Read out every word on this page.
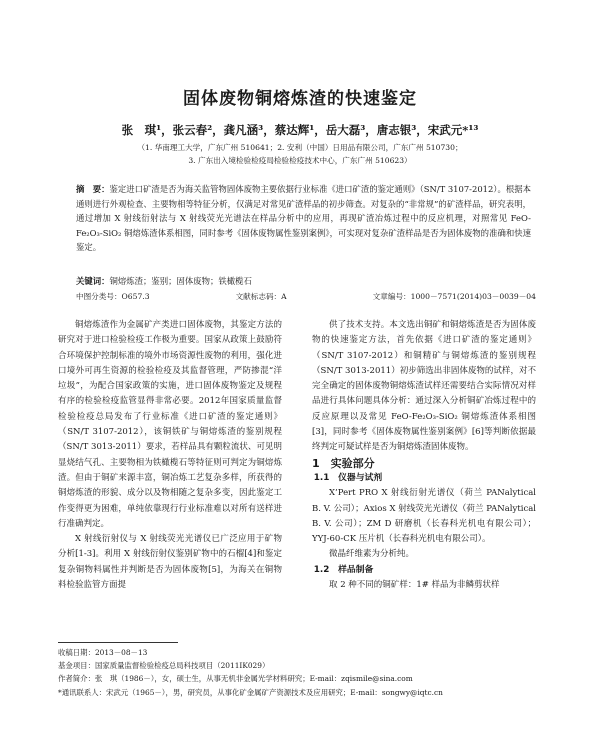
固体废物铜熔炼渣的快速鉴定
张　琪¹，张云春²，龚凡涵³，蔡达辉¹，岳大磊³，唐志银³，宋武元*¹³
（1. 华南理工大学，广东广州 510641；2. 安利（中国）日用品有限公司，广东广州 510730；
3. 广东出入境检验检疫局检验检疫技术中心，广东广州 510623）
摘　要：鉴定进口矿渣是否为海关监管物固体废物主要依据行业标准《进口矿渣的鉴定通则》（SN/T 3107-2012）。根据本通则进行外观检查、主要物相等特征分析，仅满足对常见矿渣样品的初步筛查。对复杂的“非常规”的矿渣样品，研究表明，通过增加 X 射线衍射法与 X 射线荧光光谱法在样品分析中的应用，再现矿渣冶炼过程中的反应机理，对照常见 FeO-Fe₂O₃-SiO₂ 铜熔炼渣体系相图，同时参考《固体废物属性鉴别案例》，可实现对复杂矿渣样品是否为固体废物的准确和快速鉴定。
关键词：铜熔炼渣；鉴别；固体废物；铁橄榄石
中图分类号：O657.3	文献标志码：A	文章编号：1000－7571(2014)03－0039－04

铜熔炼渣作为金属矿产类进口固体废物，其鉴定方法的研究对于进口检验检疫工作极为重要。国家从政策上鼓励符合环境保护控制标准的境外市场资源性废物的利用，强化进口境外可再生资源的检验检疫及其监督管理，严防掺混“洋垃圾”，为配合国家政策的实施，进口固体废物鉴定及规程有序的检验检疫监管显得非常必要。2012年国家质量监督检验检疫总局发布了行业标准《进口矿渣的鉴定通则》（SN/T 3107-2012），该铜铁矿与铜熔炼渣的鉴别规程（SN/T 3013-2011）要求，若样品具有颗粒流状、可见明显烧结气孔、主要物相为铁橄榄石等特征则可判定为铜熔炼渣。但由于铜矿来源丰富，铜冶炼工艺复杂多样，所获得的铜熔炼渣的形貌、成分以及物相随之复杂多变，因此鉴定工作变得更为困难，单纯依靠现行行业标准难以对所有送样进行准确判定。

X 射线衍射仪与 X 射线荧光光谱仪已广泛应用于矿物分析[1-3]。利用 X 射线衍射仪鉴别矿物中的石榴[4]和鉴定复杂铜物料属性并判断是否为固体废物[5]，为海关在铜物料检验监管方面提

供了技术支持。本文选出铜矿和铜熔炼渣是否为固体废物的快速鉴定方法，首先依据《进口矿渣的鉴定通则》（SN/T 3107-2012）和铜精矿与铜熔炼渣的鉴别规程（SN/T 3013-2011）初步筛选出非固体废物的试样，对不完全确定的固体废物铜熔炼渣试样还需要结合实际情况对样品进行具体问题具体分析：通过深入分析铜矿冶炼过程中的反应原理以及常见 FeO-Fe₂O₃-SiO₂ 铜熔炼渣体系相图[3]，同时参考《固体废物属性鉴别案例》[6]等判断依据最终判定可疑试样是否为铜熔炼渣固体废物。

1　实验部分

1.1　仪器与试剂

X’Pert PRO X 射线衍射光谱仪（荷兰 PANalytical B. V. 公司）；Axios X 射线荧光光谱仪（荷兰 PANalytical B. V. 公司）；ZM D 研磨机（长春科光机电有限公司）；YYJ-60-CK 压片机（长春科光机电有限公司）。

微晶纤维素为分析纯。

1.2　样品制备

取 2 种不同的铜矿样：1# 样品为非鳞剪状样

收稿日期：2013－08－13
基金项目：国家质量监督检验检疫总局科技项目（2011IK029）
作者简介：张　琪（1986－），女，硕士生，从事无机非金属光学材料研究；E-mail：zqismile@sina.com
*通讯联系人：宋武元（1965－），男，研究员，从事化矿金属矿产资源技术及应用研究；E-mail：songwy@iqtc.cn
